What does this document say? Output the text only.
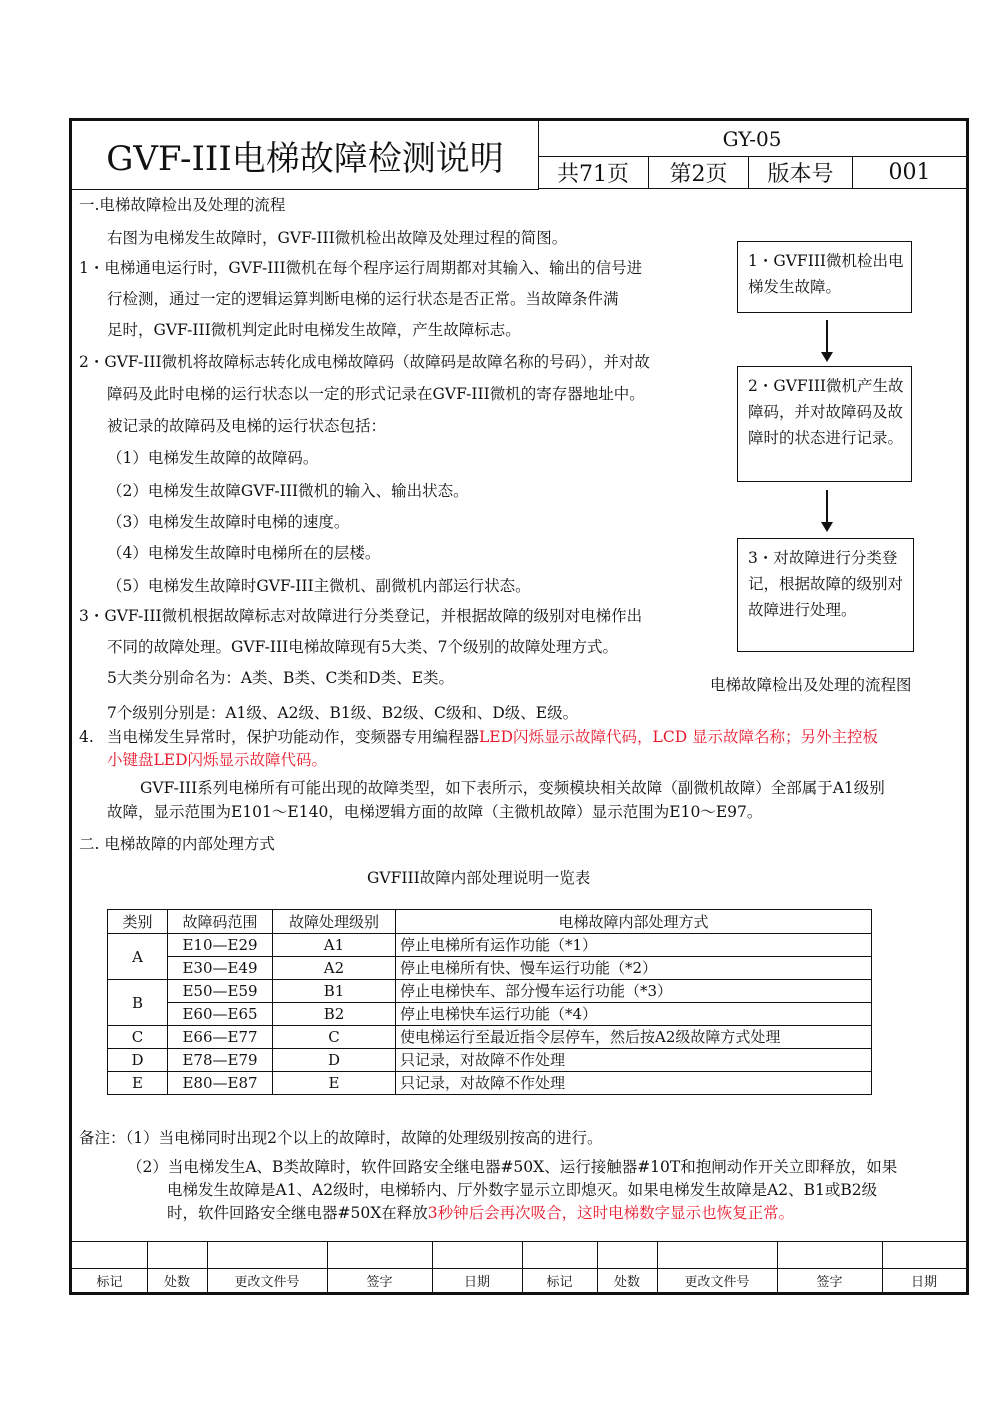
GVF-III电梯故障检测说明	GY-05
共71页	第2页	版本号	001
标记	处数	更改文件号	签字	日期	标记	处数	更改文件号	签字	日期
一.电梯故障检出及处理的流程
右图为电梯发生故障时，GVF-III微机检出故障及处理过程的简图。
1・电梯通电运行时，GVF-III微机在每个程序运行周期都对其输入、输出的信号进
行检测，通过一定的逻辑运算判断电梯的运行状态是否正常。当故障条件满
足时，GVF-III微机判定此时电梯发生故障，产生故障标志。
2・GVF-III微机将故障标志转化成电梯故障码（故障码是故障名称的号码），并对故
障码及此时电梯的运行状态以一定的形式记录在GVF-III微机的寄存器地址中。
被记录的故障码及电梯的运行状态包括：
（1）电梯发生故障的故障码。
（2）电梯发生故障GVF-III微机的输入、输出状态。
（3）电梯发生故障时电梯的速度。
（4）电梯发生故障时电梯所在的层楼。
（5）电梯发生故障时GVF-III主微机、副微机内部运行状态。
3・GVF-III微机根据故障标志对故障进行分类登记，并根据故障的级别对电梯作出
不同的故障处理。GVF-III电梯故障现有5大类、7个级别的故障处理方式。
5大类分别命名为：A类、B类、C类和D类、E类。
7个级别分别是：A1级、A2级、B1级、B2级、C级和、D级、E级。
4. 当电梯发生异常时，保护功能动作，变频器专用编程器LED闪烁显示故障代码，LCD 显示故障名称；另外主控板
小键盘LED闪烁显示故障代码。
GVF-III系列电梯所有可能出现的故障类型，如下表所示，变频模块相关故障（副微机故障）全部属于A1级别
故障，显示范围为E101～E140，电梯逻辑方面的故障（主微机故障）显示范围为E10～E97。
二. 电梯故障的内部处理方式
GVFIII故障内部处理说明一览表
1・GVFIII微机检出电梯发生故障。
2・GVFIII微机产生故障码，并对故障码及故障时的状态进行记录。
3・对故障进行分类登记，根据故障的级别对故障进行处理。
电梯故障检出及处理的流程图
类别	故障码范围	故障处理级别	电梯故障内部处理方式
A	E10—E29	A1	停止电梯所有运作功能（*1）
	E30—E49	A2	停止电梯所有快、慢车运行功能（*2）
B	E50—E59	B1	停止电梯快车、部分慢车运行功能（*3）
	E60—E65	B2	停止电梯快车运行功能（*4）
C	E66—E77	C	使电梯运行至最近指令层停车，然后按A2级故障方式处理
D	E78—E79	D	只记录，对故障不作处理
E	E80—E87	E	只记录，对故障不作处理
备注：（1）当电梯同时出现2个以上的故障时，故障的处理级别按高的进行。
（2）当电梯发生A、B类故障时，软件回路安全继电器#50X、运行接触器#10T和抱闸动作开关立即释放，如果
电梯发生故障是A1、A2级时，电梯轿内、厅外数字显示立即熄灭。如果电梯发生故障是A2、B1或B2级
时，软件回路安全继电器#50X在释放3秒钟后会再次吸合，这时电梯数字显示也恢复正常。
